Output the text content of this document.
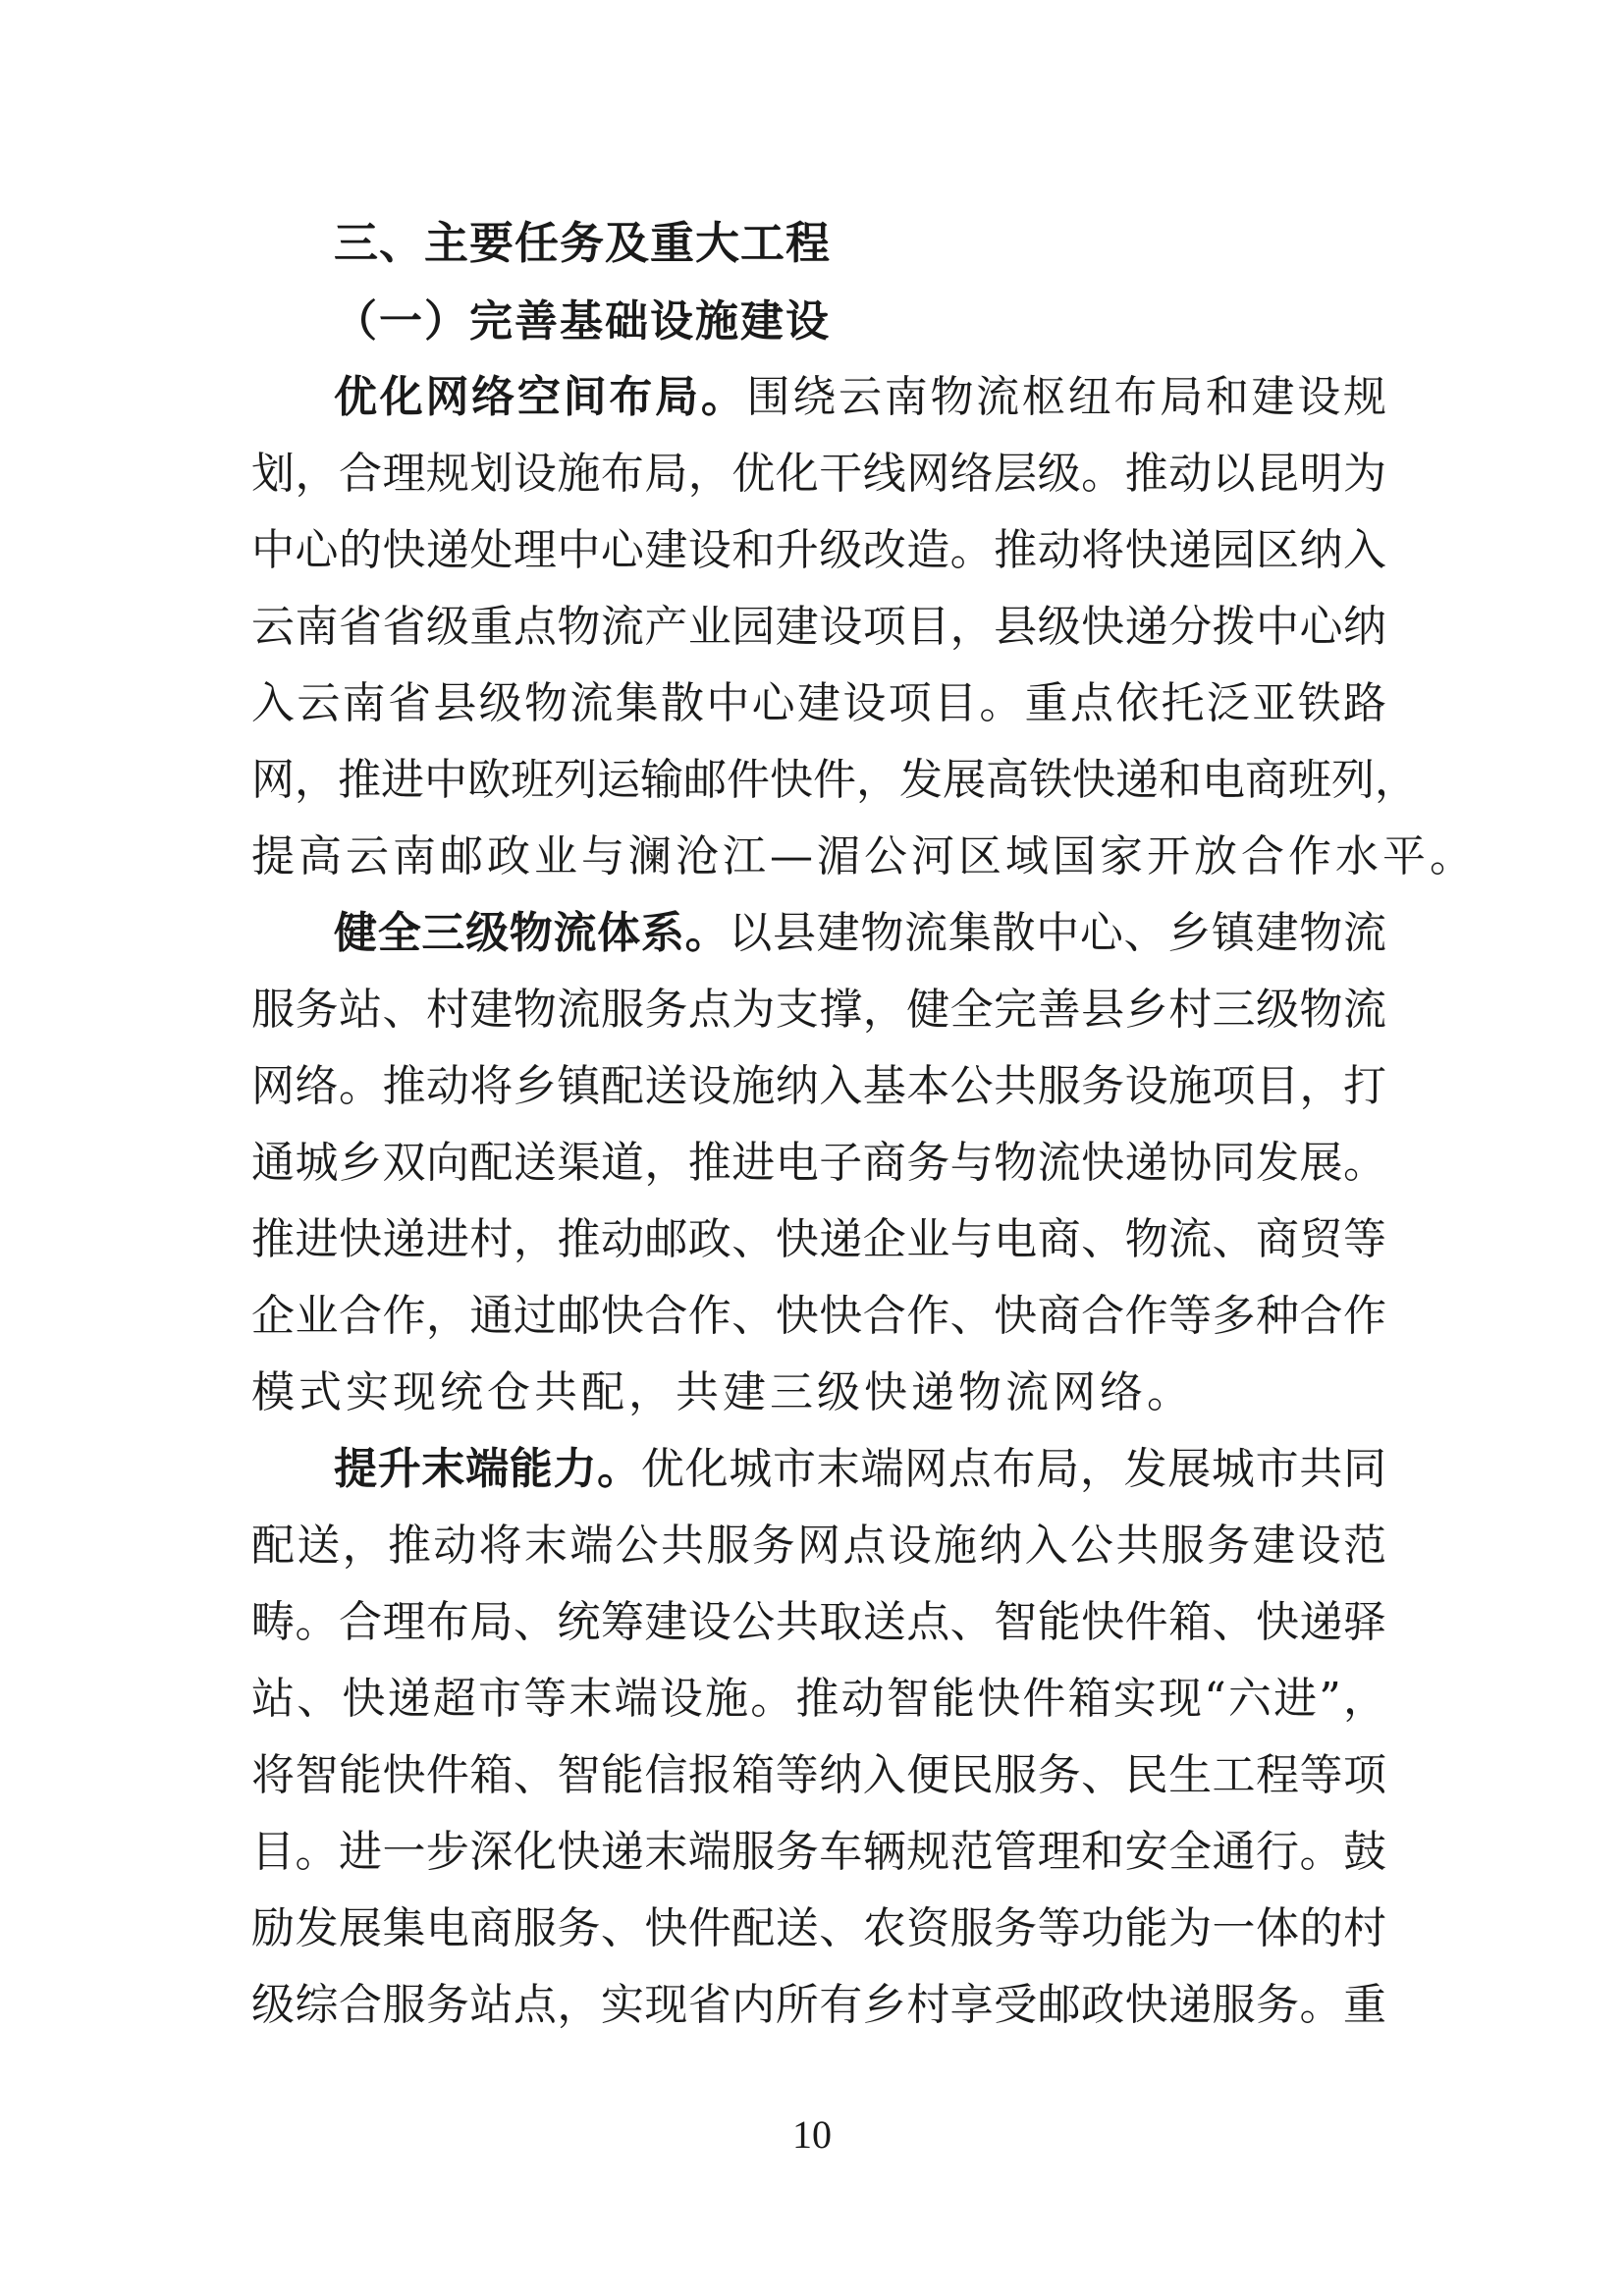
三、主要任务及重大工程
（一）完善基础设施建设

优化网络空间布局。围绕云南物流枢纽布局和建设规

划，合理规划设施布局，优化干线网络层级。推动以昆明为

中心的快递处理中心建设和升级改造。推动将快递园区纳入

云南省省级重点物流产业园建设项目，县级快递分拨中心纳

入云南省县级物流集散中心建设项目。重点依托泛亚铁路

网，推进中欧班列运输邮件快件，发展高铁快递和电商班列，

提高云南邮政业与澜沧江—湄公河区域国家开放合作水平。

健全三级物流体系。以县建物流集散中心、乡镇建物流

服务站、村建物流服务点为支撑，健全完善县乡村三级物流

网络。推动将乡镇配送设施纳入基本公共服务设施项目，打

通城乡双向配送渠道，推进电子商务与物流快递协同发展。

推进快递进村，推动邮政、快递企业与电商、物流、商贸等

企业合作，通过邮快合作、快快合作、快商合作等多种合作

模式实现统仓共配，共建三级快递物流网络。

提升末端能力。优化城市末端网点布局，发展城市共同

配送，推动将末端公共服务网点设施纳入公共服务建设范

畴。合理布局、统筹建设公共取送点、智能快件箱、快递驿

站、快递超市等末端设施。推动智能快件箱实现“六进”，

将智能快件箱、智能信报箱等纳入便民服务、民生工程等项

目。进一步深化快递末端服务车辆规范管理和安全通行。鼓

励发展集电商服务、快件配送、农资服务等功能为一体的村

级综合服务站点，实现省内所有乡村享受邮政快递服务。重

10
